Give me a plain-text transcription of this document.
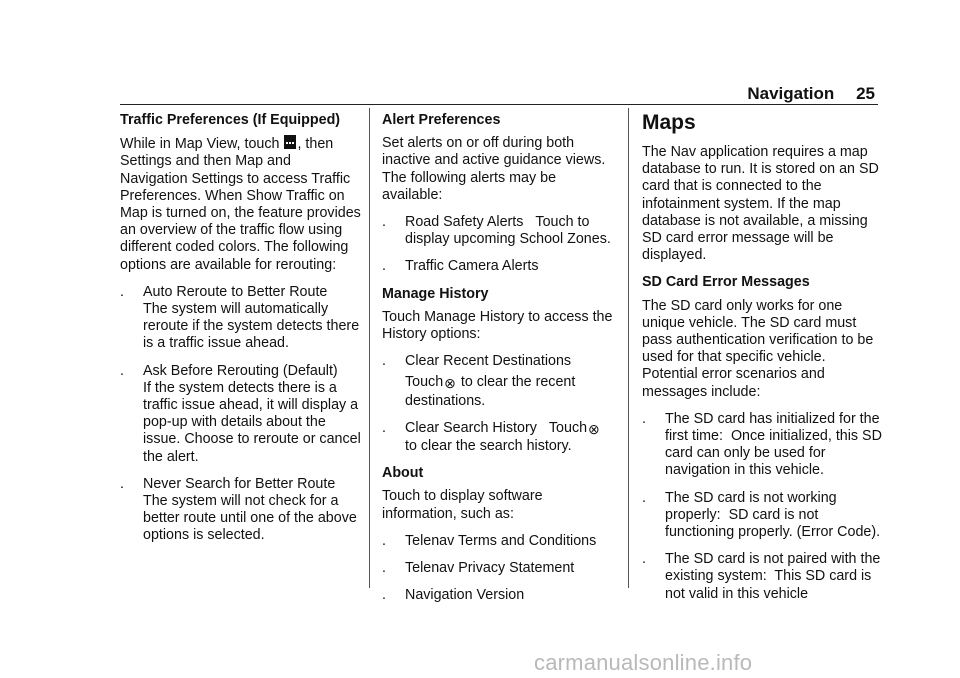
Navigation 25

Traffic Preferences (If Equipped)

While in Map View, touch , then Settings and then Map and Navigation Settings to access Traffic Preferences. When Show Traffic on Map is turned on, the feature provides an overview of the traffic flow using different coded colors. The following options are available for rerouting:

.	Auto Reroute to Better Route
The system will automatically reroute if the system detects there is a traffic issue ahead.
.	Ask Before Rerouting (Default)
If the system detects there is a traffic issue ahead, it will display a pop-up with details about the issue. Choose to reroute or cancel the alert.
.	Never Search for Better Route
The system will not check for a better route until one of the above options is selected.

Alert Preferences

Set alerts on or off during both inactive and active guidance views. The following alerts may be available:

.	Road Safety Alerts Touch to display upcoming School Zones.
.	Traffic Camera Alerts

Manage History

Touch Manage History to access the History options:

.	Clear Recent Destinations
Touch⊗ to clear the recent destinations.
.	Clear Search History Touch⊗
to clear the search history.

About

Touch to display software information, such as:

.	Telenav Terms and Conditions
.	Telenav Privacy Statement
.	Navigation Version

Maps

The Nav application requires a map database to run. It is stored on an SD card that is connected to the infotainment system. If the map database is not available, a missing SD card error message will be displayed.

SD Card Error Messages

The SD card only works for one unique vehicle. The SD card must pass authentication verification to be used for that specific vehicle. Potential error scenarios and messages include:

.	The SD card has initialized for the first time: Once initialized, this SD card can only be used for navigation in this vehicle.
.	The SD card is not working properly: SD card is not functioning properly. (Error Code).
.	The SD card is not paired with the existing system: This SD card is not valid in this vehicle
carmanualsonline.info
